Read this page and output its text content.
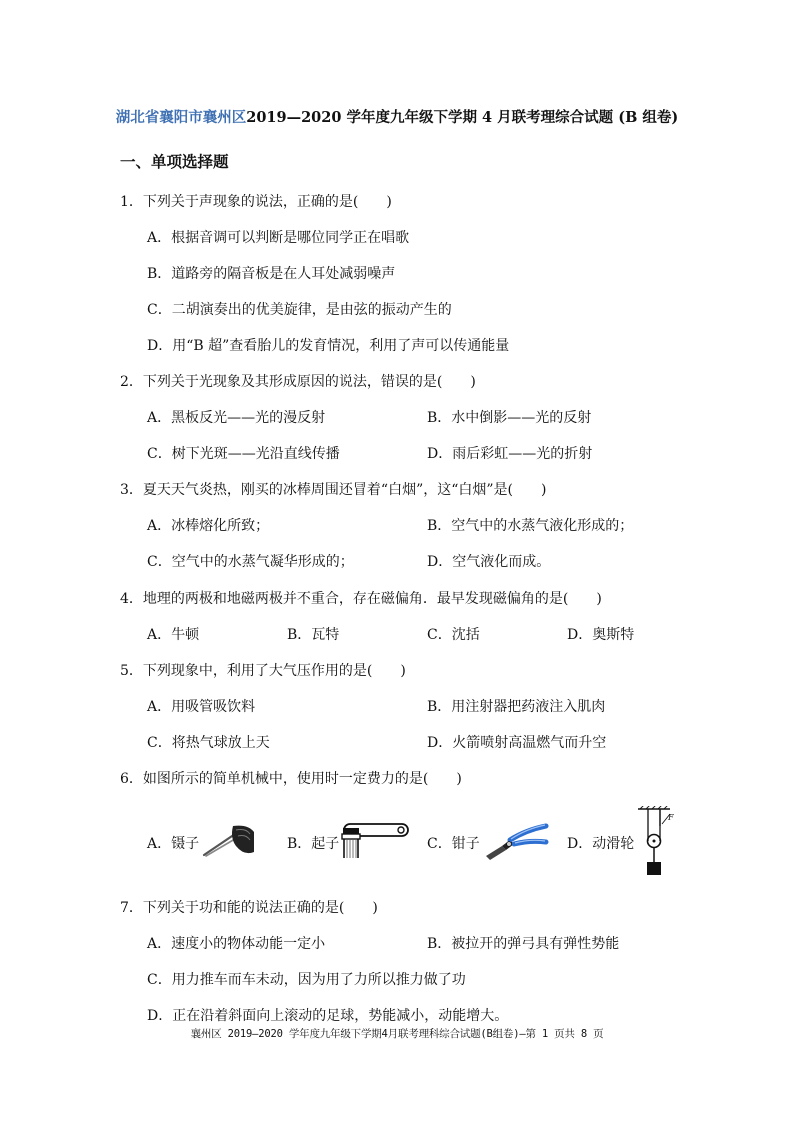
湖北省襄阳市襄州区2019—2020 学年度九年级下学期 4 月联考理综合试题 (B 组卷)
一、单项选择题
1．下列关于声现象的说法，正确的是(　　)
A．根据音调可以判断是哪位同学正在唱歌
B．道路旁的隔音板是在人耳处减弱噪声
C．二胡演奏出的优美旋律，是由弦的振动产生的
D．用“B 超”查看胎儿的发育情况，利用了声可以传通能量
2．下列关于光现象及其形成原因的说法，错误的是(　　)
A．黑板反光——光的漫反射	B．水中倒影——光的反射
C．树下光斑——光沿直线传播	D．雨后彩虹——光的折射
3．夏天天气炎热，刚买的冰棒周围还冒着“白烟”，这“白烟”是(　　)
A．冰棒熔化所致；	B．空气中的水蒸气液化形成的；
C．空气中的水蒸气凝华形成的；	D．空气液化而成。
4．地理的两极和地磁两极并不重合，存在磁偏角．最早发现磁偏角的是(　　)
A．牛顿	B．瓦特	C．沈括	D．奥斯特
5．下列现象中，利用了大气压作用的是(　　)
A．用吸管吸饮料	B．用注射器把药液注入肌肉
C．将热气球放上天	D．火箭喷射高温燃气而升空
6．如图所示的简单机械中，使用时一定费力的是(　　)
A．镊子	B．起子	C．钳子	D．动滑轮
F
7．下列关于功和能的说法正确的是(　　)
A．速度小的物体动能一定小	B．被拉开的弹弓具有弹性势能
C．用力推车而车未动，因为用了力所以推力做了功
D．正在沿着斜面向上滚动的足球，势能减小，动能增大。
襄州区 2019—2020 学年度九年级下学期4月联考理科综合试题(B组卷)—第 1 页共 8 页
